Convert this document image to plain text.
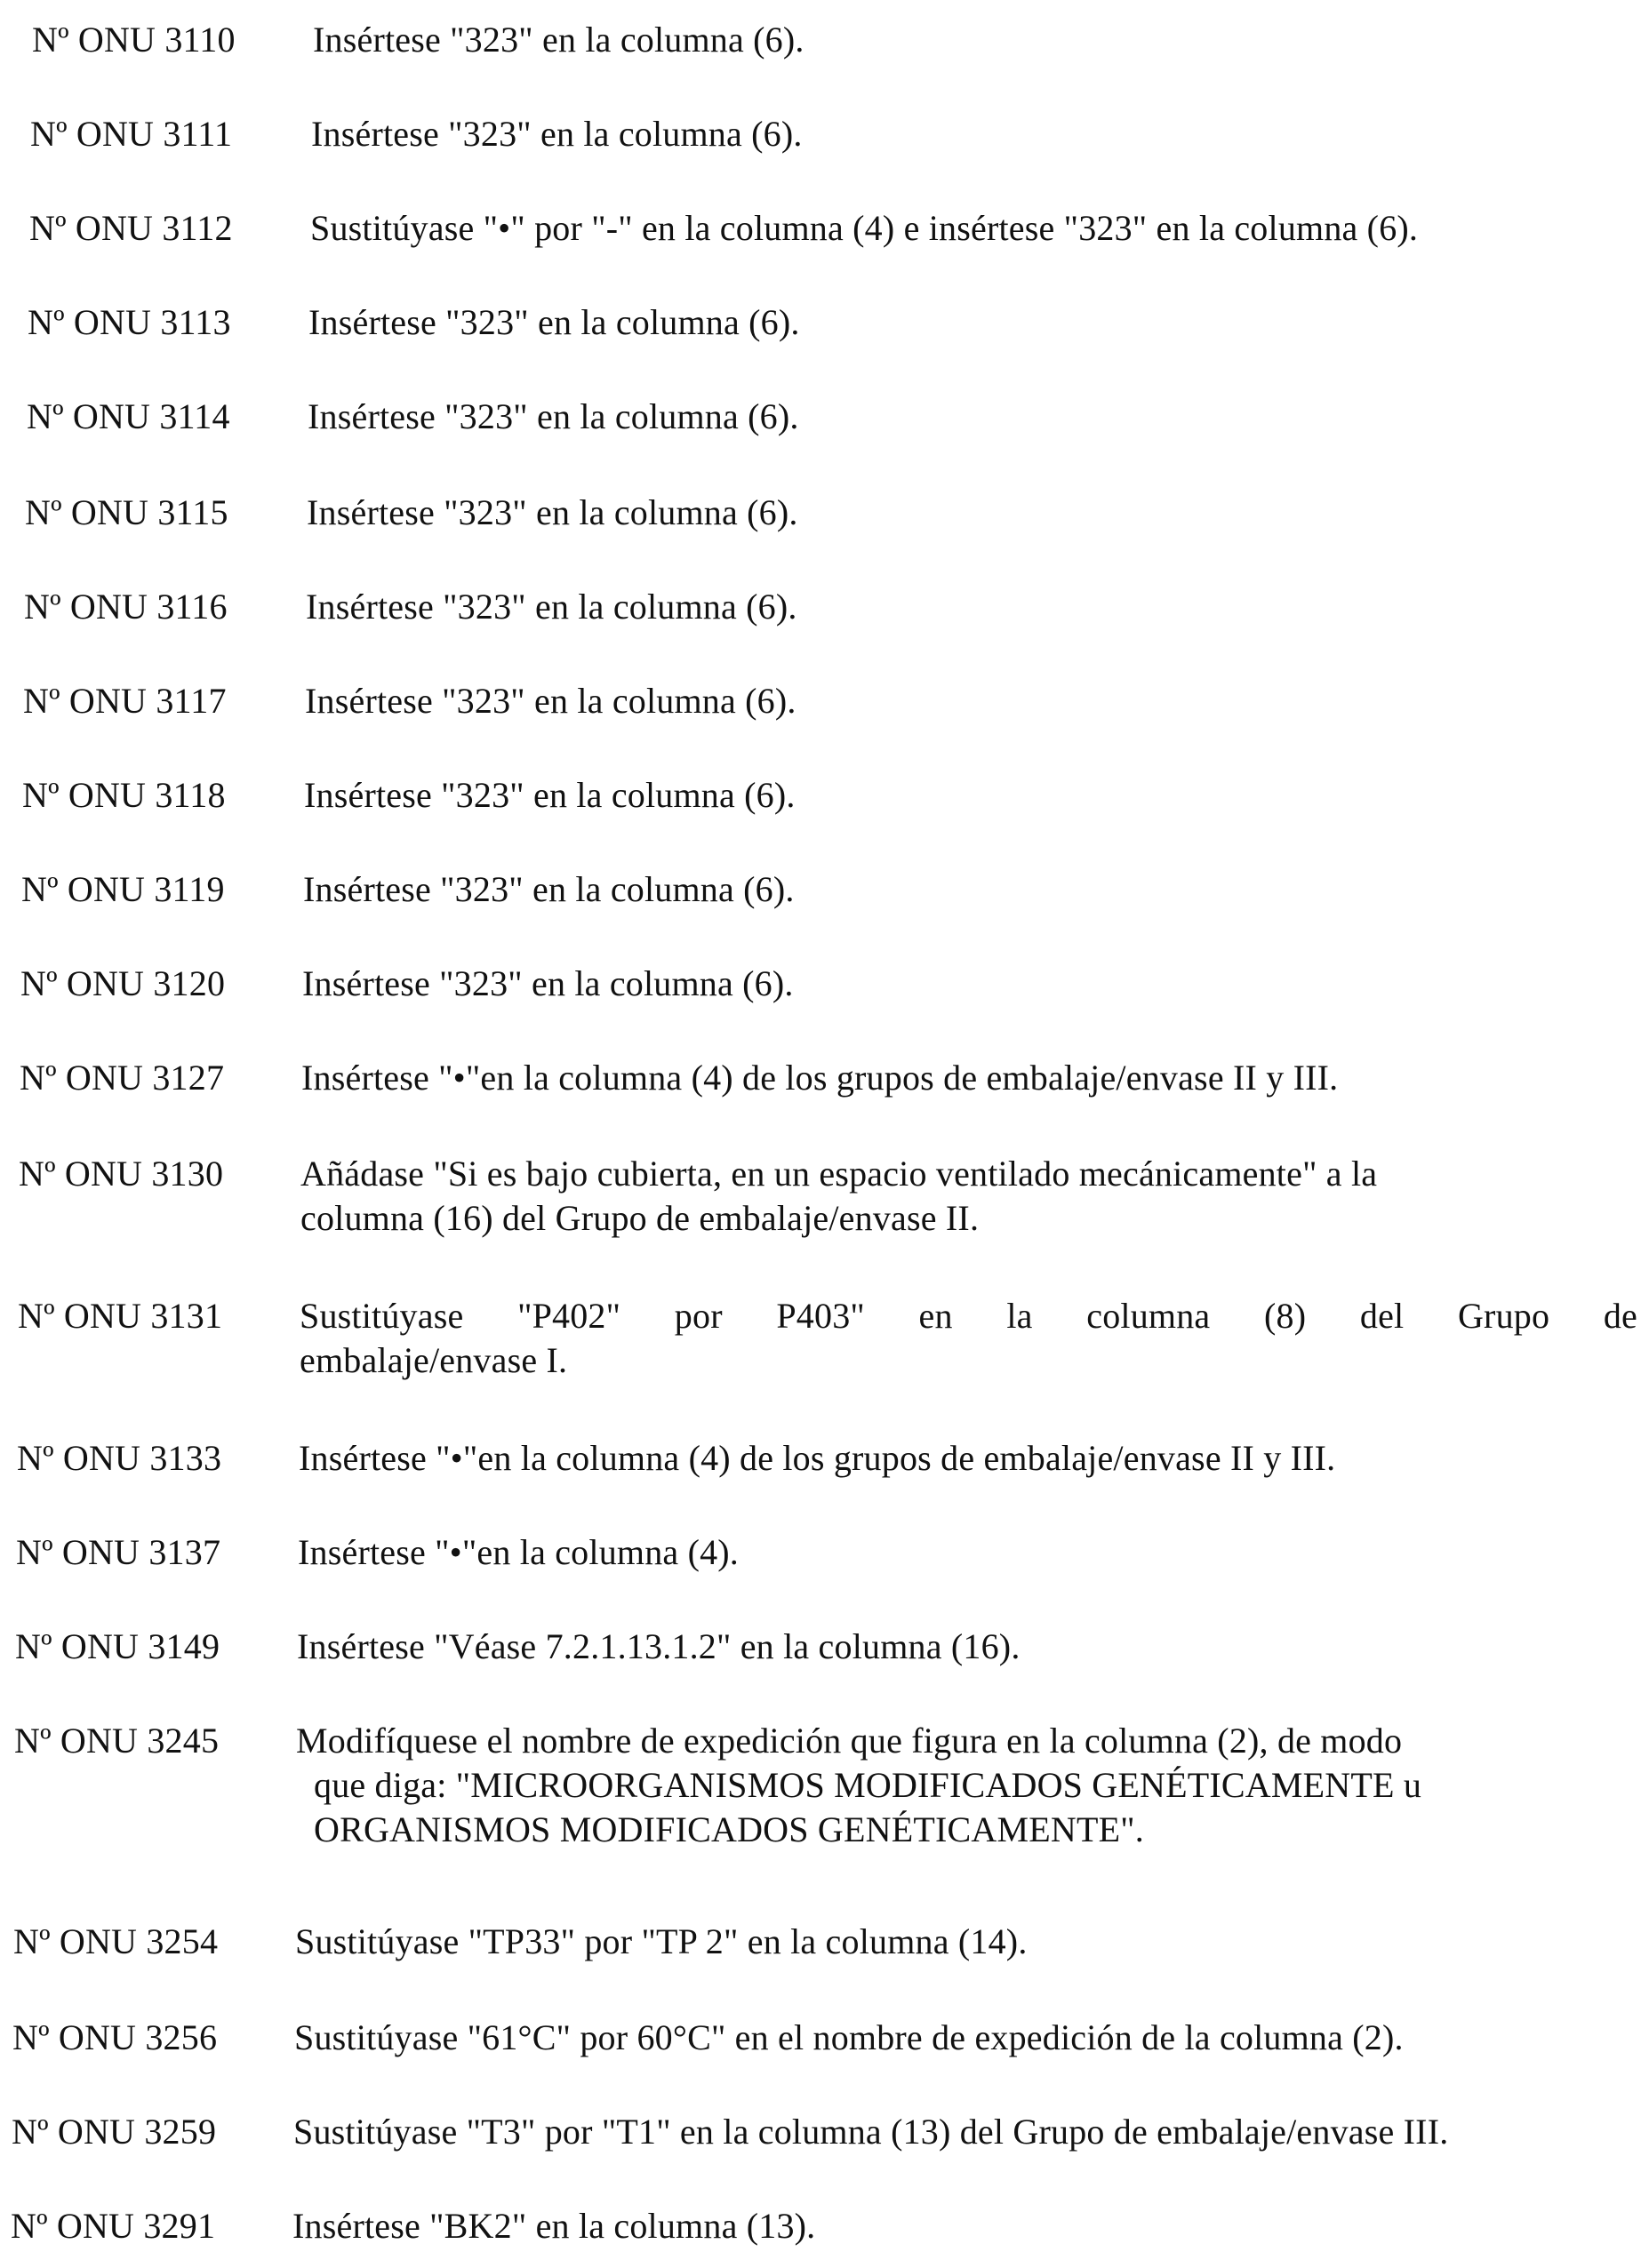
Nº ONU 3110 Insértese "323" en la columna (6).
Nº ONU 3111 Insértese "323" en la columna (6).
Nº ONU 3112 Sustitúyase "•" por "-" en la columna (4) e insértese "323" en la columna (6).
Nº ONU 3113 Insértese "323" en la columna (6).
Nº ONU 3114 Insértese "323" en la columna (6).
Nº ONU 3115 Insértese "323" en la columna (6).
Nº ONU 3116 Insértese "323" en la columna (6).
Nº ONU 3117 Insértese "323" en la columna (6).
Nº ONU 3118 Insértese "323" en la columna (6).
Nº ONU 3119 Insértese "323" en la columna (6).
Nº ONU 3120 Insértese "323" en la columna (6).
Nº ONU 3127 Insértese "•"en la columna (4) de los grupos de embalaje/envase II y III.
Nº ONU 3130 Añádase "Si es bajo cubierta, en un espacio ventilado mecánicamente" a la
columna (16) del Grupo de embalaje/envase II.
Nº ONU 3131 Sustitúyase "P402" por P403" en la columna (8) del Grupo de
embalaje/envase I.
Nº ONU 3133 Insértese "•"en la columna (4) de los grupos de embalaje/envase II y III.
Nº ONU 3137 Insértese "•"en la columna (4).
Nº ONU 3149 Insértese "Véase 7.2.1.13.1.2" en la columna (16).
Nº ONU 3245 Modifíquese el nombre de expedición que figura en la columna (2), de modo
que diga: "MICROORGANISMOS MODIFICADOS GENÉTICAMENTE u
ORGANISMOS MODIFICADOS GENÉTICAMENTE".
Nº ONU 3254 Sustitúyase "TP33" por "TP 2" en la columna (14).
Nº ONU 3256 Sustitúyase "61°C" por 60°C" en el nombre de expedición de la columna (2).
Nº ONU 3259 Sustitúyase "T3" por "T1" en la columna (13) del Grupo de embalaje/envase III.
Nº ONU 3291 Insértese "BK2" en la columna (13).
